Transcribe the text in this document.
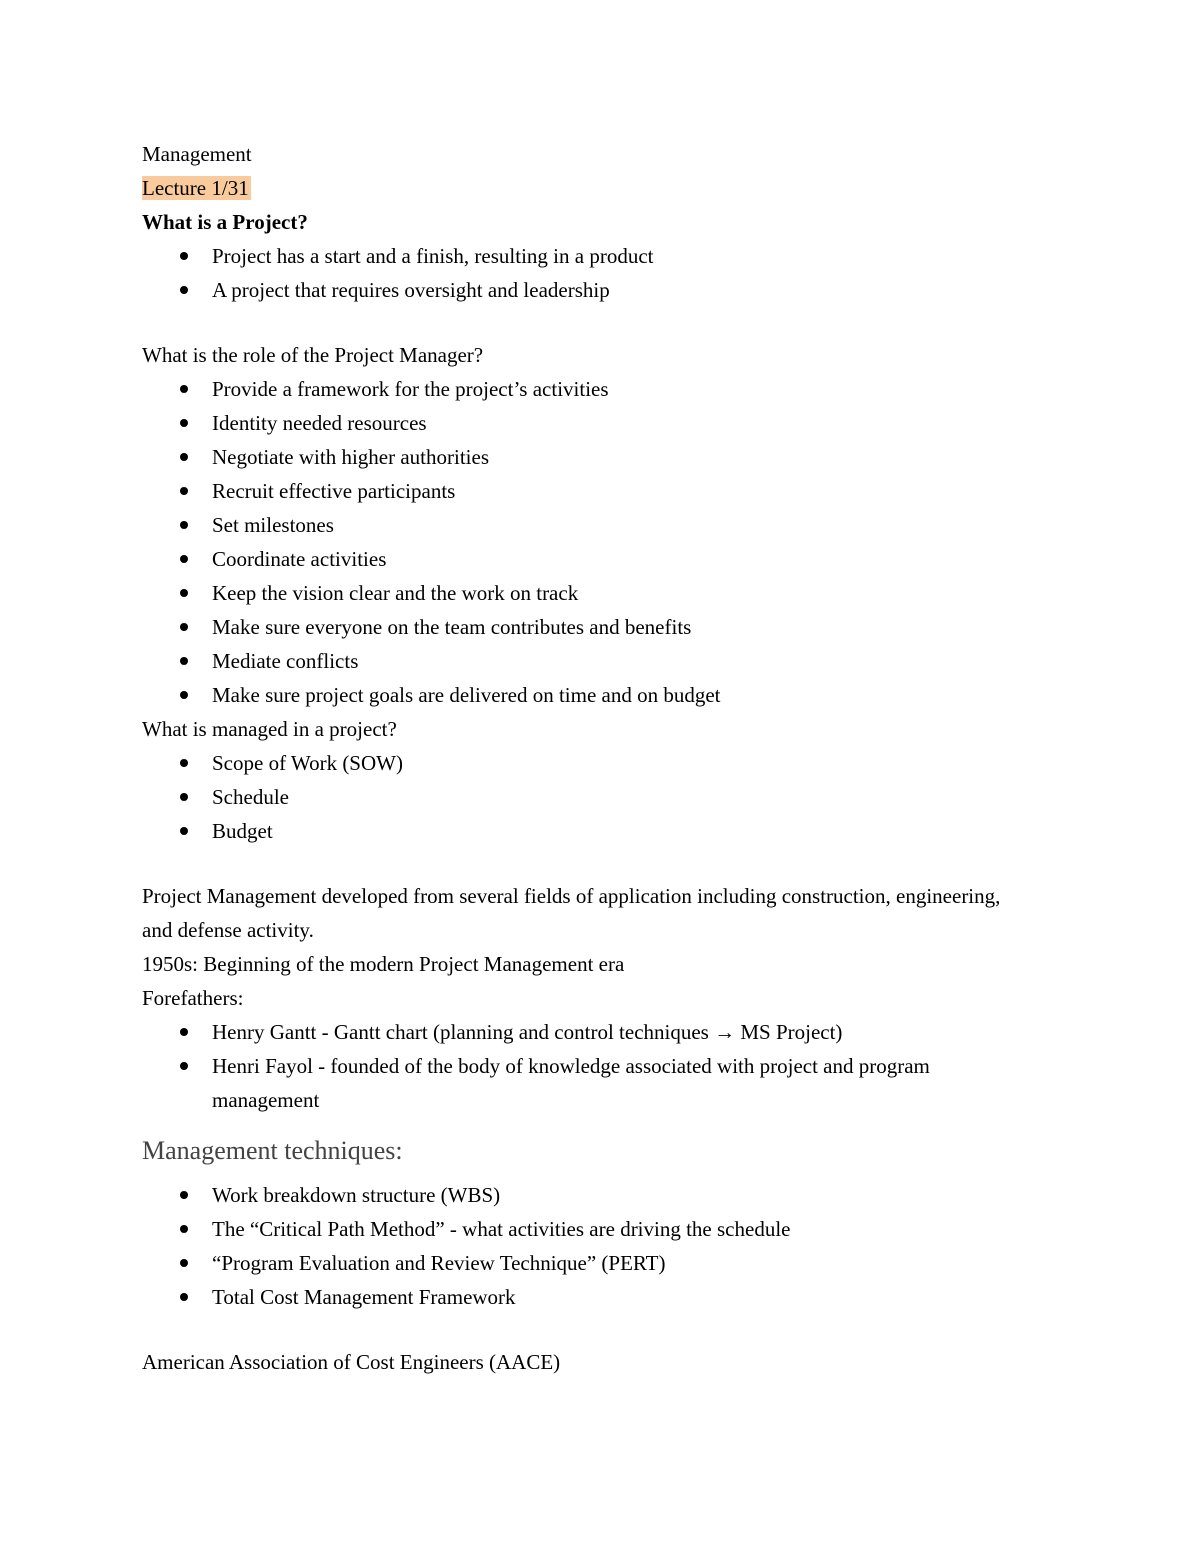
Management

Lecture 1/31

What is a Project?

Project has a start and a finish, resulting in a product
A project that requires oversight and leadership

What is the role of the Project Manager?

Provide a framework for the project’s activities
Identity needed resources
Negotiate with higher authorities
Recruit effective participants
Set milestones
Coordinate activities
Keep the vision clear and the work on track
Make sure everyone on the team contributes and benefits
Mediate conflicts
Make sure project goals are delivered on time and on budget

What is managed in a project?

Scope of Work (SOW)
Schedule
Budget

Project Management developed from several fields of application including construction, engineering, and defense activity.

1950s: Beginning of the modern Project Management era

Forefathers:

Henry Gantt - Gantt chart (planning and control techniques → MS Project)
Henri Fayol - founded of the body of knowledge associated with project and program management

Management techniques:

Work breakdown structure (WBS)
The “Critical Path Method” - what activities are driving the schedule
“Program Evaluation and Review Technique” (PERT)
Total Cost Management Framework

American Association of Cost Engineers (AACE)
